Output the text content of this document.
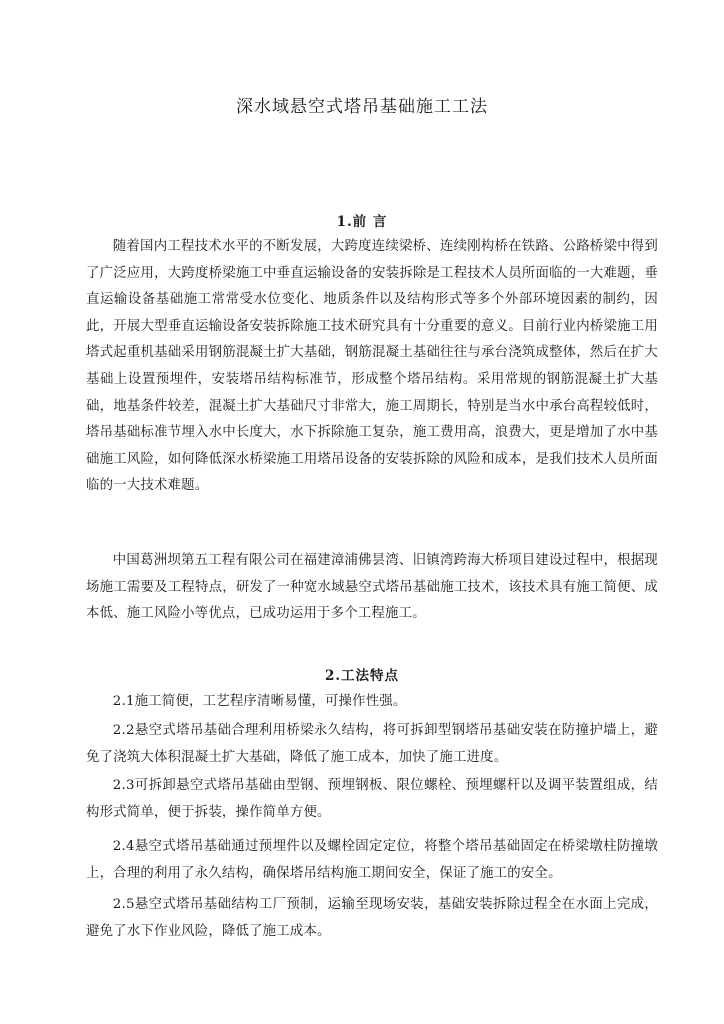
深水域悬空式塔吊基础施工工法
1.前 言

随着国内工程技术水平的不断发展，大跨度连续梁桥、连续刚构桥在铁路、公路桥梁中得到了广泛应用，大跨度桥梁施工中垂直运输设备的安装拆除是工程技术人员所面临的一大难题，垂直运输设备基础施工常常受水位变化、地质条件以及结构形式等多个外部环境因素的制约，因此，开展大型垂直运输设备安装拆除施工技术研究具有十分重要的意义。目前行业内桥梁施工用塔式起重机基础采用钢筋混凝土扩大基础，钢筋混凝土基础往往与承台浇筑成整体，然后在扩大基础上设置预埋件，安装塔吊结构标准节，形成整个塔吊结构。采用常规的钢筋混凝土扩大基础，地基条件较差，混凝土扩大基础尺寸非常大，施工周期长，特别是当水中承台高程较低时，塔吊基础标准节埋入水中长度大，水下拆除施工复杂，施工费用高，浪费大，更是增加了水中基础施工风险，如何降低深水桥梁施工用塔吊设备的安装拆除的风险和成本，是我们技术人员所面临的一大技术难题。

中国葛洲坝第五工程有限公司在福建漳浦佛昙湾、旧镇湾跨海大桥项目建设过程中，根据现场施工需要及工程特点，研发了一种宽水域悬空式塔吊基础施工技术，该技术具有施工简便、成本低、施工风险小等优点，已成功运用于多个工程施工。

2.工法特点

2.1施工简便，工艺程序清晰易懂，可操作性强。

2.2悬空式塔吊基础合理利用桥梁永久结构，将可拆卸型钢塔吊基础安装在防撞护墙上，避免了浇筑大体积混凝土扩大基础，降低了施工成本，加快了施工进度。

2.3可拆卸悬空式塔吊基础由型钢、预埋钢板、限位螺栓、预埋螺杆以及调平装置组成，结构形式简单，便于拆装，操作简单方便。

2.4悬空式塔吊基础通过预埋件以及螺栓固定定位，将整个塔吊基础固定在桥梁墩柱防撞墩上，合理的利用了永久结构，确保塔吊结构施工期间安全，保证了施工的安全。

2.5悬空式塔吊基础结构工厂预制，运输至现场安装，基础安装拆除过程全在水面上完成，避免了水下作业风险，降低了施工成本。
